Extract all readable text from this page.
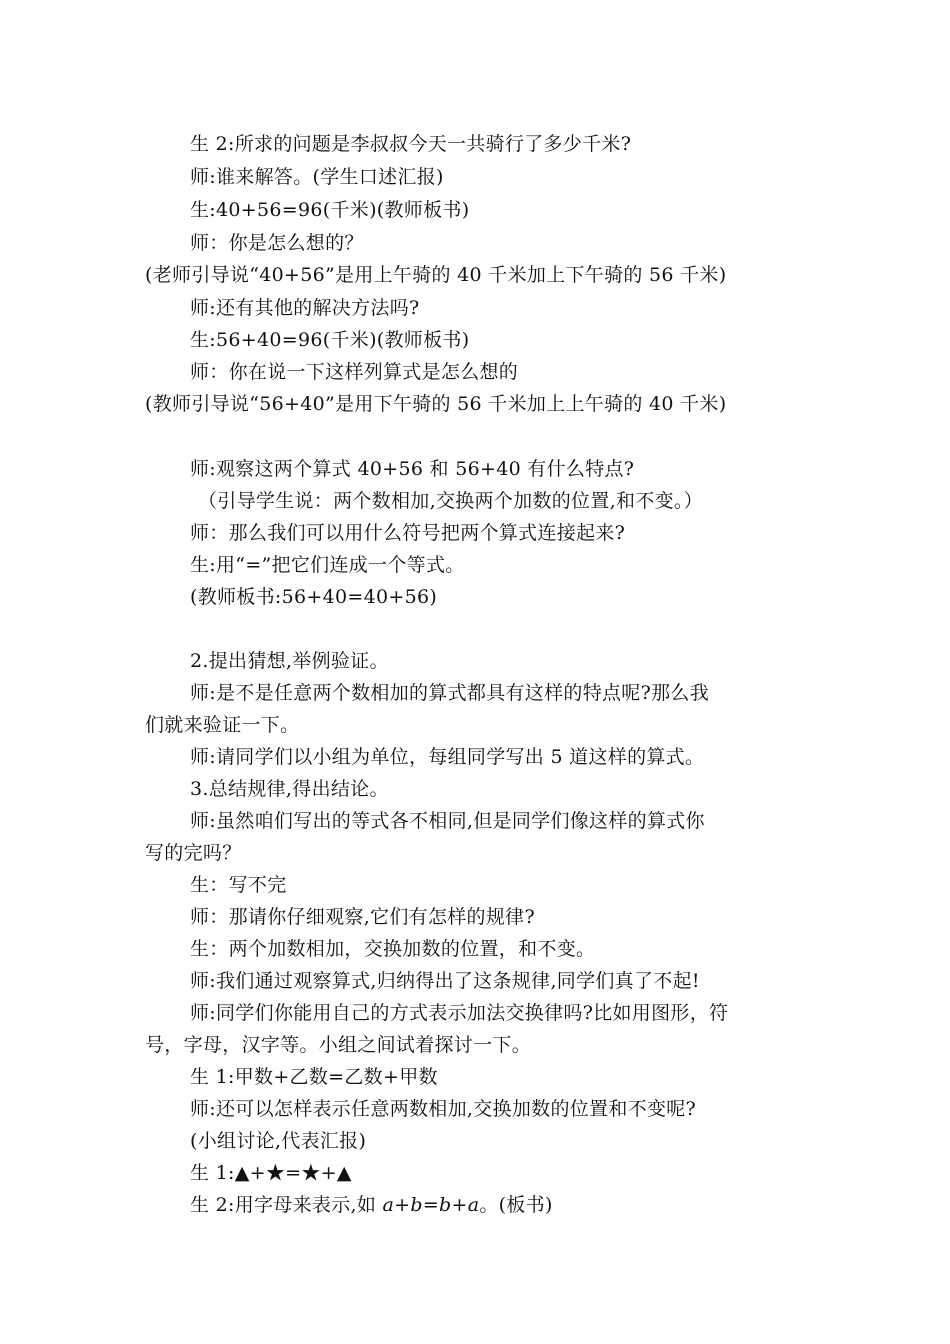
生 2:所求的问题是李叔叔今天一共骑行了多少千米?
师:谁来解答。(学生口述汇报)
生:40+56=96(千米)(教师板书)
师：你是怎么想的？
(老师引导说“40+56”是用上午骑的 40 千米加上下午骑的 56 千米)
师:还有其他的解决方法吗?
生:56+40=96(千米)(教师板书)
师：你在说一下这样列算式是怎么想的
(教师引导说“56+40”是用下午骑的 56 千米加上上午骑的 40 千米)
师:观察这两个算式 40+56 和 56+40 有什么特点?
（引导学生说：两个数相加,交换两个加数的位置,和不变。）
师：那么我们可以用什么符号把两个算式连接起来?
生:用“=”把它们连成一个等式。
(教师板书:56+40=40+56)
2.提出猜想,举例验证。
师:是不是任意两个数相加的算式都具有这样的特点呢?那么我
们就来验证一下。
师:请同学们以小组为单位，每组同学写出 5 道这样的算式。
3.总结规律,得出结论。
师:虽然咱们写出的等式各不相同,但是同学们像这样的算式你
写的完吗？
生：写不完
师：那请你仔细观察,它们有怎样的规律?
生：两个加数相加，交换加数的位置，和不变。
师:我们通过观察算式,归纳得出了这条规律,同学们真了不起!
师:同学们你能用自己的方式表示加法交换律吗?比如用图形，符
号，字母，汉字等。小组之间试着探讨一下。
生 1:甲数+乙数=乙数+甲数
师:还可以怎样表示任意两数相加,交换加数的位置和不变呢?
(小组讨论,代表汇报)
生 1:▲+★=★+▲
生 2:用字母来表示,如 a+b=b+a。(板书)
